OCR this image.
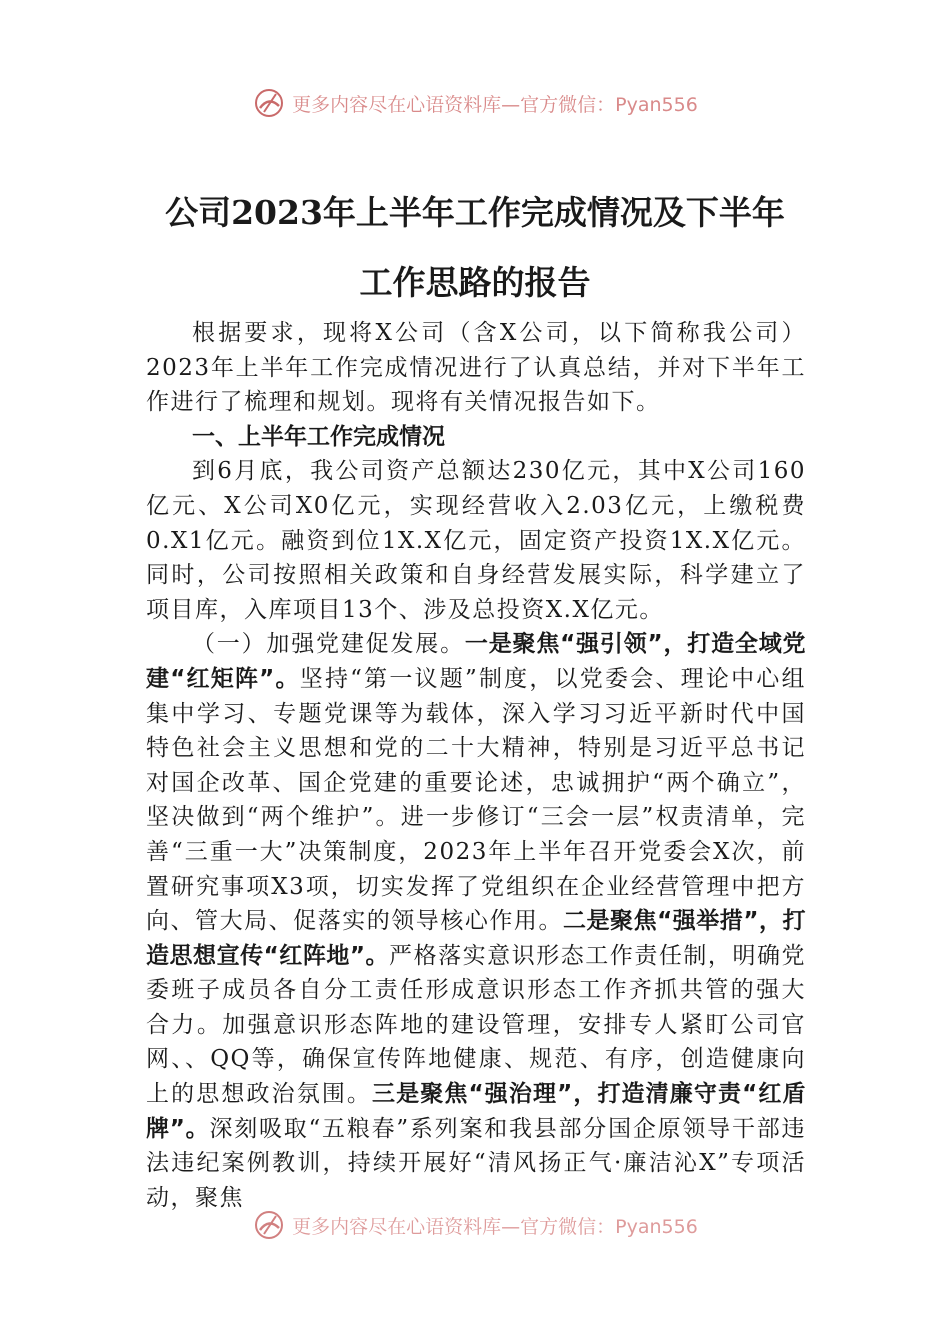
更多内容尽在心语资料库—官方微信：Pyan556
公司2023年上半年工作完成情况及下半年
工作思路的报告

根据要求，现将X公司（含X公司，以下简称我公司）2023年上半年工作完成情况进行了认真总结，并对下半年工作进行了梳理和规划。现将有关情况报告如下。

一、上半年工作完成情况

到6月底，我公司资产总额达230亿元，其中X公司160亿元、X公司X0亿元，实现经营收入2.03亿元，上缴税费0.X1亿元。融资到位1X.X亿元，固定资产投资1X.X亿元。同时，公司按照相关政策和自身经营发展实际，科学建立了项目库，入库项目13个、涉及总投资X.X亿元。

（一）加强党建促发展。一是聚焦“强引领”，打造全域党建“红矩阵”。坚持“第一议题”制度，以党委会、理论中心组集中学习、专题党课等为载体，深入学习习近平新时代中国特色社会主义思想和党的二十大精神，特别是习近平总书记对国企改革、国企党建的重要论述，忠诚拥护“两个确立”，坚决做到“两个维护”。进一步修订“三会一层”权责清单，完善“三重一大”决策制度，2023年上半年召开党委会X次，前置研究事项X3项，切实发挥了党组织在企业经营管理中把方向、管大局、促落实的领导核心作用。二是聚焦“强举措”，打造思想宣传“红阵地”。严格落实意识形态工作责任制，明确党委班子成员各自分工责任形成意识形态工作齐抓共管的强大合力。加强意识形态阵地的建设管理，安排专人紧盯公司官网、、QQ等，确保宣传阵地健康、规范、有序，创造健康向上的思想政治氛围。三是聚焦“强治理”，打造清廉守责“红盾牌”。深刻吸取“五粮春”系列案和我县部分国企原领导干部违法违纪案例教训，持续开展好“清风扬正气·廉洁沁X”专项活动，聚焦

更多内容尽在心语资料库—官方微信：Pyan556
